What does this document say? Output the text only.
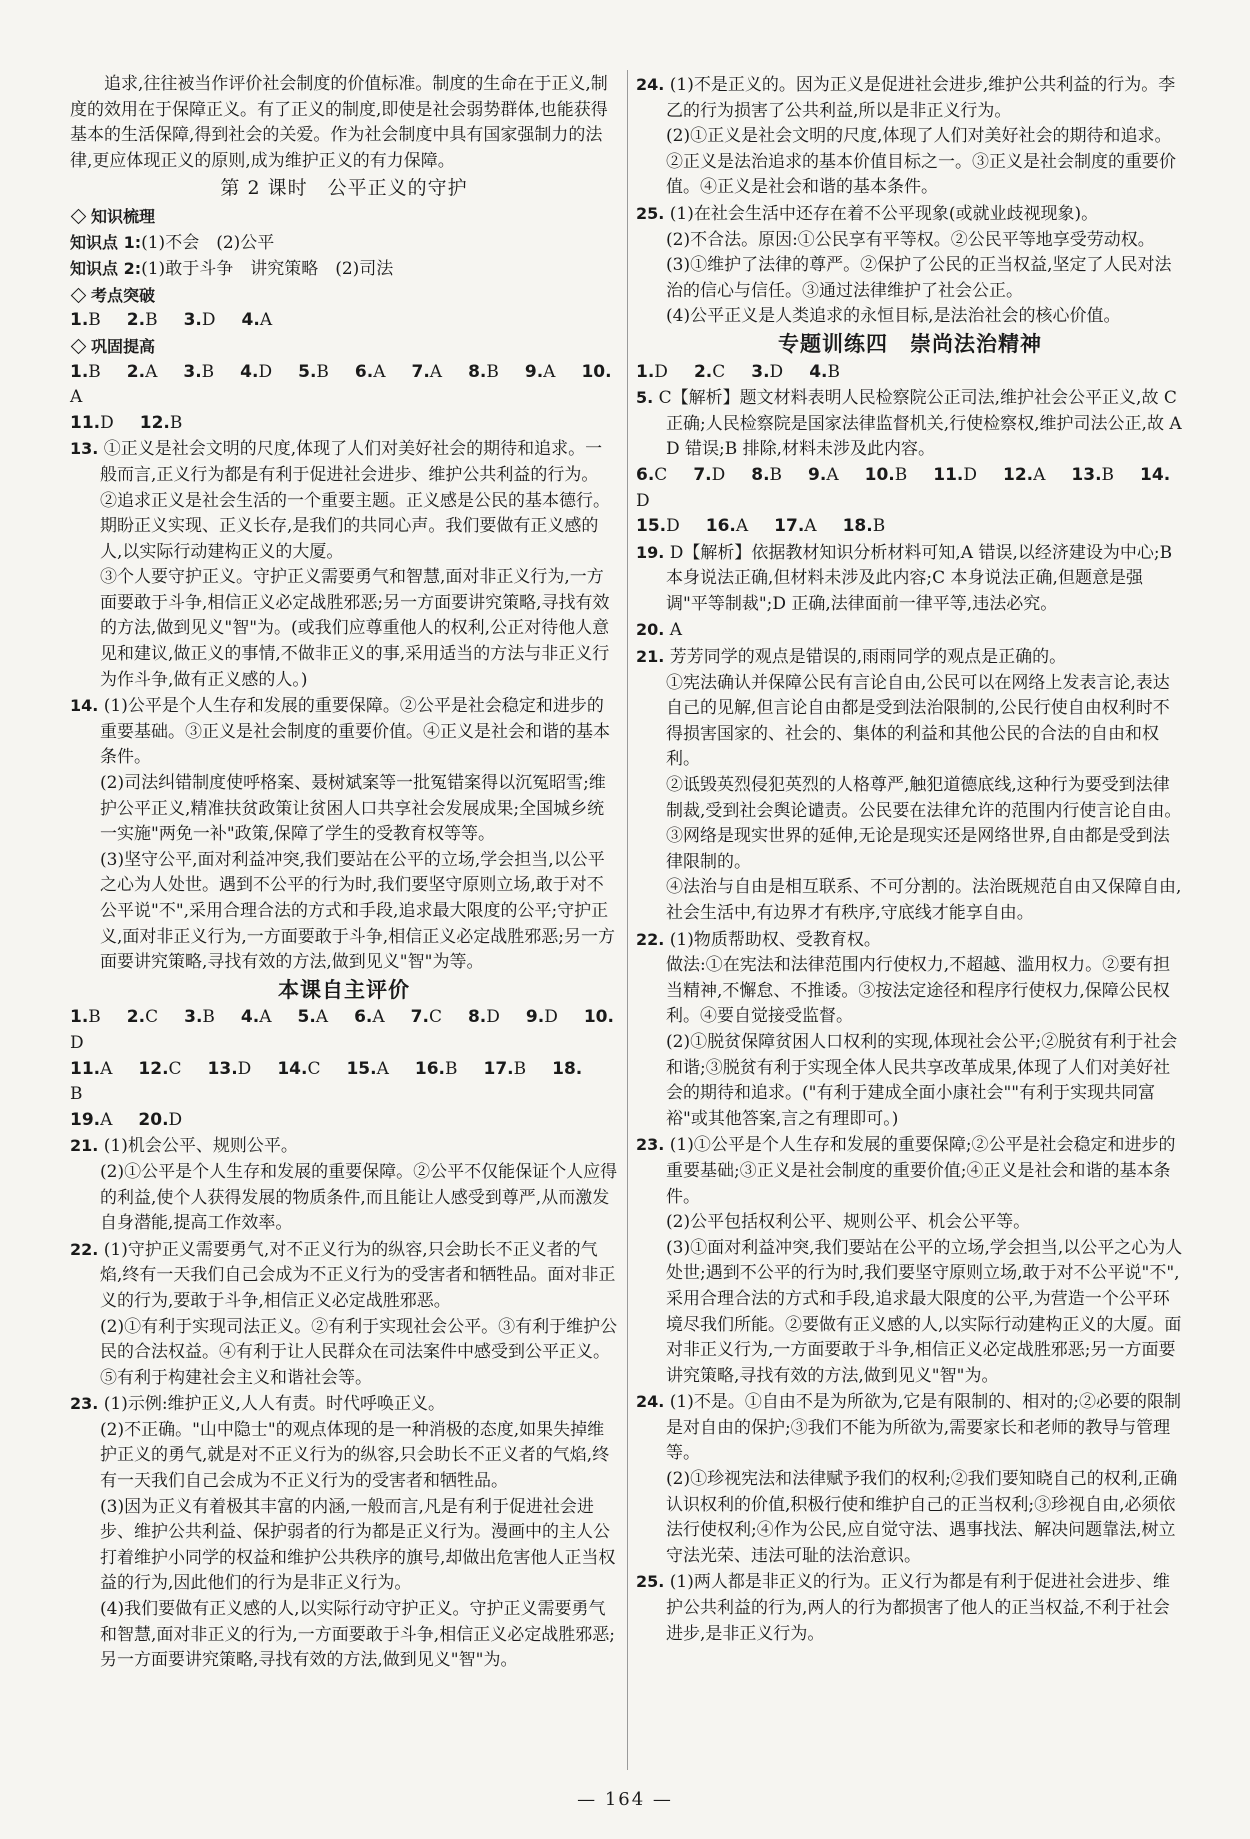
追求,往往被当作评价社会制度的价值标准。制度的生命在于正义,制度的效用在于保障正义。有了正义的制度,即使是社会弱势群体,也能获得基本的生活保障,得到社会的关爱。作为社会制度中具有国家强制力的法律,更应体现正义的原则,成为维护正义的有力保障。

第 2 课时　公平正义的守护
知识梳理
知识点 1:(1)不会　(2)公平
知识点 2:(1)敢于斗争　讲究策略　(2)司法
考点突破
1.B 2.B 3.D 4.A
巩固提高
1.B 2.A 3.B 4.D 5.B 6.A 7.A 8.B 9.A 10.A
11.D 12.B
13. ①正义是社会文明的尺度,体现了人们对美好社会的期待和追求。一般而言,正义行为都是有利于促进社会进步、维护公共利益的行为。

②追求正义是社会生活的一个重要主题。正义感是公民的基本德行。期盼正义实现、正义长存,是我们的共同心声。我们要做有正义感的人,以实际行动建构正义的大厦。

③个人要守护正义。守护正义需要勇气和智慧,面对非正义行为,一方面要敢于斗争,相信正义必定战胜邪恶;另一方面要讲究策略,寻找有效的方法,做到见义"智"为。(或我们应尊重他人的权利,公正对待他人意见和建议,做正义的事情,不做非正义的事,采用适当的方法与非正义行为作斗争,做有正义感的人。)

14. (1)公平是个人生存和发展的重要保障。②公平是社会稳定和进步的重要基础。③正义是社会制度的重要价值。④正义是社会和谐的基本条件。

(2)司法纠错制度使呼格案、聂树斌案等一批冤错案得以沉冤昭雪;维护公平正义,精准扶贫政策让贫困人口共享社会发展成果;全国城乡统一实施"两免一补"政策,保障了学生的受教育权等等。

(3)坚守公平,面对利益冲突,我们要站在公平的立场,学会担当,以公平之心为人处世。遇到不公平的行为时,我们要坚守原则立场,敢于对不公平说"不",采用合理合法的方式和手段,追求最大限度的公平;守护正义,面对非正义行为,一方面要敢于斗争,相信正义必定战胜邪恶;另一方面要讲究策略,寻找有效的方法,做到见义"智"为等。

本课自主评价
1.B 2.C 3.B 4.A 5.A 6.A 7.C 8.D 9.D 10.D
11.A 12.C 13.D 14.C 15.A 16.B 17.B 18.B
19.A 20.D
21. (1)机会公平、规则公平。

(2)①公平是个人生存和发展的重要保障。②公平不仅能保证个人应得的利益,使个人获得发展的物质条件,而且能让人感受到尊严,从而激发自身潜能,提高工作效率。

22. (1)守护正义需要勇气,对不正义行为的纵容,只会助长不正义者的气焰,终有一天我们自己会成为不正义行为的受害者和牺牲品。面对非正义的行为,要敢于斗争,相信正义必定战胜邪恶。

(2)①有利于实现司法正义。②有利于实现社会公平。③有利于维护公民的合法权益。④有利于让人民群众在司法案件中感受到公平正义。⑤有利于构建社会主义和谐社会等。

23. (1)示例:维护正义,人人有责。时代呼唤正义。

(2)不正确。"山中隐士"的观点体现的是一种消极的态度,如果失掉维护正义的勇气,就是对不正义行为的纵容,只会助长不正义者的气焰,终有一天我们自己会成为不正义行为的受害者和牺牲品。

(3)因为正义有着极其丰富的内涵,一般而言,凡是有利于促进社会进步、维护公共利益、保护弱者的行为都是正义行为。漫画中的主人公打着维护小同学的权益和维护公共秩序的旗号,却做出危害他人正当权益的行为,因此他们的行为是非正义行为。

(4)我们要做有正义感的人,以实际行动守护正义。守护正义需要勇气和智慧,面对非正义的行为,一方面要敢于斗争,相信正义必定战胜邪恶;另一方面要讲究策略,寻找有效的方法,做到见义"智"为。

24. (1)不是正义的。因为正义是促进社会进步,维护公共利益的行为。李乙的行为损害了公共利益,所以是非正义行为。

(2)①正义是社会文明的尺度,体现了人们对美好社会的期待和追求。②正义是法治追求的基本价值目标之一。③正义是社会制度的重要价值。④正义是社会和谐的基本条件。

25. (1)在社会生活中还存在着不公平现象(或就业歧视现象)。

(2)不合法。原因:①公民享有平等权。②公民平等地享受劳动权。

(3)①维护了法律的尊严。②保护了公民的正当权益,坚定了人民对法治的信心与信任。③通过法律维护了社会公正。

(4)公平正义是人类追求的永恒目标,是法治社会的核心价值。

专题训练四　崇尚法治精神
1.D 2.C 3.D 4.B
5. C【解析】题文材料表明人民检察院公正司法,维护社会公平正义,故 C 正确;人民检察院是国家法律监督机关,行使检察权,维护司法公正,故 AD 错误;B 排除,材料未涉及此内容。
6.C 7.D 8.B 9.A 10.B 11.D 12.A 13.B 14.D
15.D 16.A 17.A 18.B
19. D【解析】依据教材知识分析材料可知,A 错误,以经济建设为中心;B 本身说法正确,但材料未涉及此内容;C 本身说法正确,但题意是强调"平等制裁";D 正确,法律面前一律平等,违法必究。
20. A
21. 芳芳同学的观点是错误的,雨雨同学的观点是正确的。

①宪法确认并保障公民有言论自由,公民可以在网络上发表言论,表达自己的见解,但言论自由都是受到法治限制的,公民行使自由权利时不得损害国家的、社会的、集体的利益和其他公民的合法的自由和权利。

②诋毁英烈侵犯英烈的人格尊严,触犯道德底线,这种行为要受到法律制裁,受到社会舆论谴责。公民要在法律允许的范围内行使言论自由。

③网络是现实世界的延伸,无论是现实还是网络世界,自由都是受到法律限制的。

④法治与自由是相互联系、不可分割的。法治既规范自由又保障自由,社会生活中,有边界才有秩序,守底线才能享自由。

22. (1)物质帮助权、受教育权。

做法:①在宪法和法律范围内行使权力,不超越、滥用权力。②要有担当精神,不懈怠、不推诿。③按法定途径和程序行使权力,保障公民权利。④要自觉接受监督。

(2)①脱贫保障贫困人口权利的实现,体现社会公平;②脱贫有利于社会和谐;③脱贫有利于实现全体人民共享改革成果,体现了人们对美好社会的期待和追求。("有利于建成全面小康社会""有利于实现共同富裕"或其他答案,言之有理即可。)

23. (1)①公平是个人生存和发展的重要保障;②公平是社会稳定和进步的重要基础;③正义是社会制度的重要价值;④正义是社会和谐的基本条件。

(2)公平包括权利公平、规则公平、机会公平等。

(3)①面对利益冲突,我们要站在公平的立场,学会担当,以公平之心为人处世;遇到不公平的行为时,我们要坚守原则立场,敢于对不公平说"不",采用合理合法的方式和手段,追求最大限度的公平,为营造一个公平环境尽我们所能。②要做有正义感的人,以实际行动建构正义的大厦。面对非正义行为,一方面要敢于斗争,相信正义必定战胜邪恶;另一方面要讲究策略,寻找有效的方法,做到见义"智"为。

24. (1)不是。①自由不是为所欲为,它是有限制的、相对的;②必要的限制是对自由的保护;③我们不能为所欲为,需要家长和老师的教导与管理等。

(2)①珍视宪法和法律赋予我们的权利;②我们要知晓自己的权利,正确认识权利的价值,积极行使和维护自己的正当权利;③珍视自由,必须依法行使权利;④作为公民,应自觉守法、遇事找法、解决问题靠法,树立守法光荣、违法可耻的法治意识。

25. (1)两人都是非正义的行为。正义行为都是有利于促进社会进步、维护公共利益的行为,两人的行为都损害了他人的正当权益,不利于社会进步,是非正义行为。
— 164 —
